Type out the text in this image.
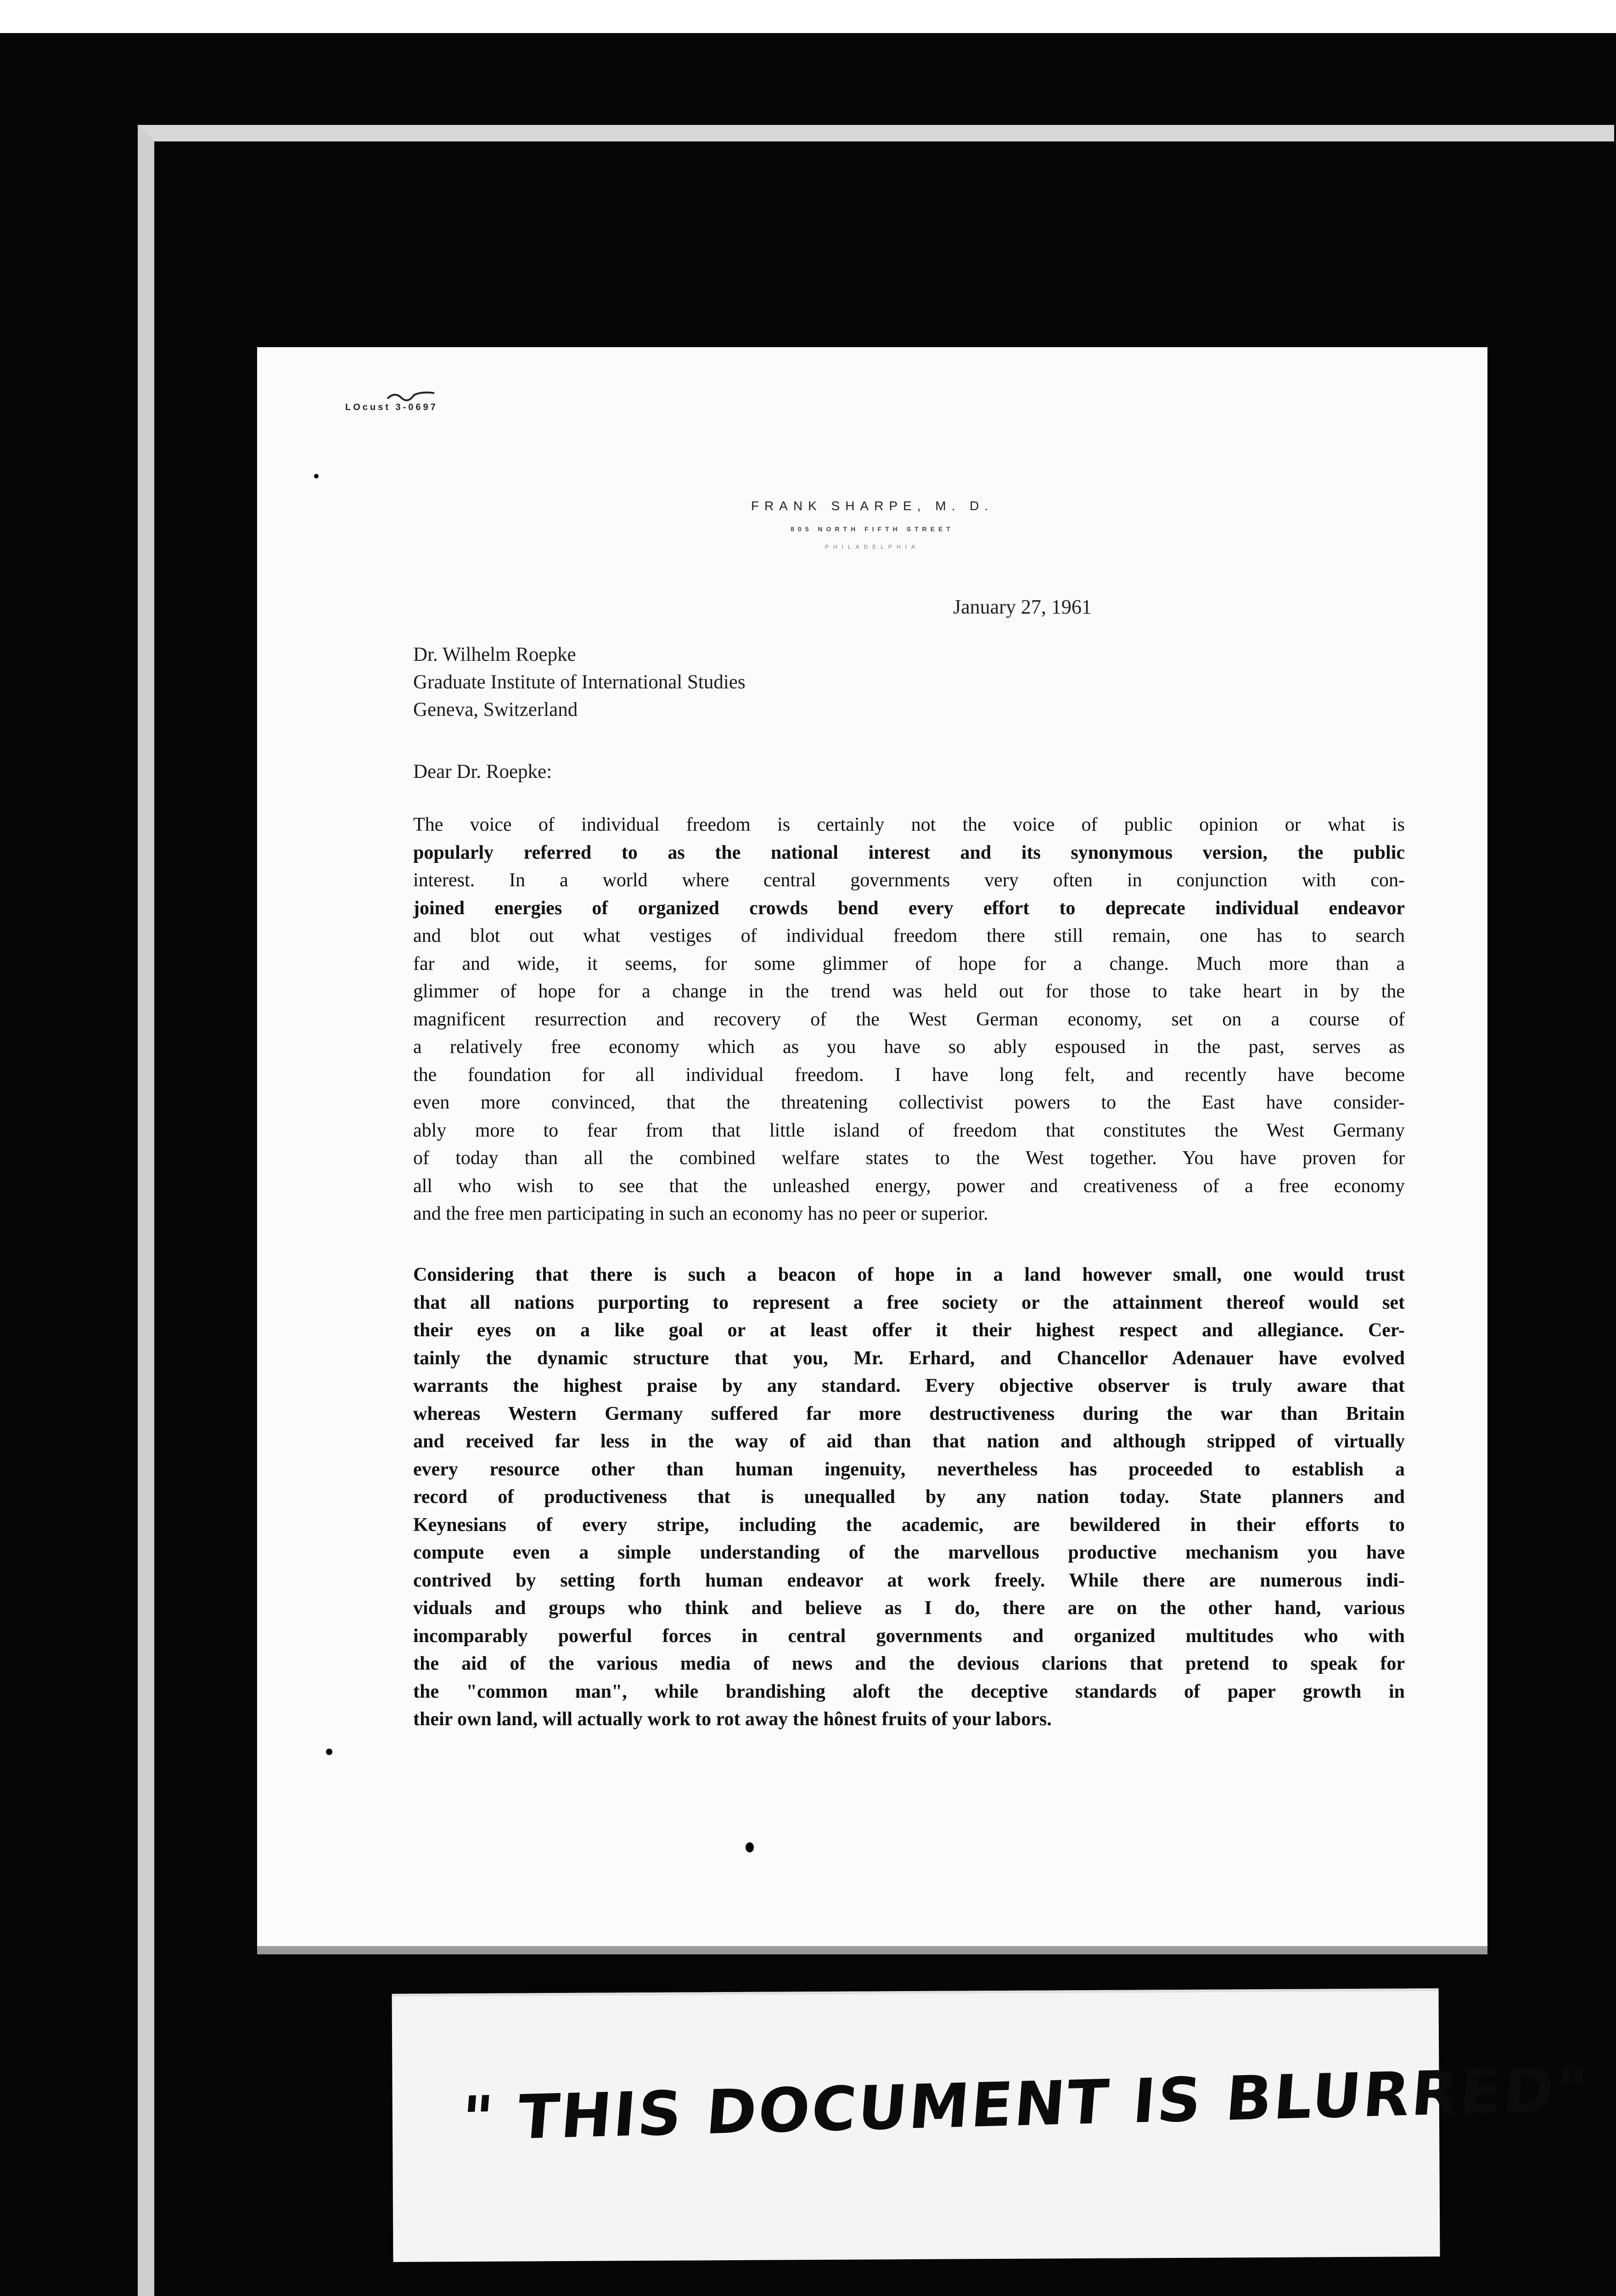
LOcust 3-0697
FRANK SHARPE, M. D.
805 NORTH FIFTH STREET
PHILADELPHIA
January 27, 1961
Dr. Wilhelm Roepke
Graduate Institute of International Studies
Geneva, Switzerland
Dear Dr. Roepke:
The voice of individual freedom is certainly not the voice of public opinion or what is
popularly referred to as the national interest and its synonymous version, the public
interest. In a world where central governments very often in conjunction with con-
joined energies of organized crowds bend every effort to deprecate individual endeavor
and blot out what vestiges of individual freedom there still remain, one has to search
far and wide, it seems, for some glimmer of hope for a change. Much more than a
glimmer of hope for a change in the trend was held out for those to take heart in by the
magnificent resurrection and recovery of the West German economy, set on a course of
a relatively free economy which as you have so ably espoused in the past, serves as
the foundation for all individual freedom. I have long felt, and recently have become
even more convinced, that the threatening collectivist powers to the East have consider-
ably more to fear from that little island of freedom that constitutes the West Germany
of today than all the combined welfare states to the West together. You have proven for
all who wish to see that the unleashed energy, power and creativeness of a free economy
and the free men participating in such an economy has no peer or superior.
Considering that there is such a beacon of hope in a land however small, one would trust
that all nations purporting to represent a free society or the attainment thereof would set
their eyes on a like goal or at least offer it their highest respect and allegiance. Cer-
tainly the dynamic structure that you, Mr. Erhard, and Chancellor Adenauer have evolved
warrants the highest praise by any standard. Every objective observer is truly aware that
whereas Western Germany suffered far more destructiveness during the war than Britain
and received far less in the way of aid than that nation and although stripped of virtually
every resource other than human ingenuity, nevertheless has proceeded to establish a
record of productiveness that is unequalled by any nation today. State planners and
Keynesians of every stripe, including the academic, are bewildered in their efforts to
compute even a simple understanding of the marvellous productive mechanism you have
contrived by setting forth human endeavor at work freely. While there are numerous indi-
viduals and groups who think and believe as I do, there are on the other hand, various
incomparably powerful forces in central governments and organized multitudes who with
the aid of the various media of news and the devious clarions that pretend to speak for
the "common man", while brandishing aloft the deceptive standards of paper growth in
their own land, will actually work to rot away the hônest fruits of your labors.
" THIS DOCUMENT IS BLURRED"
